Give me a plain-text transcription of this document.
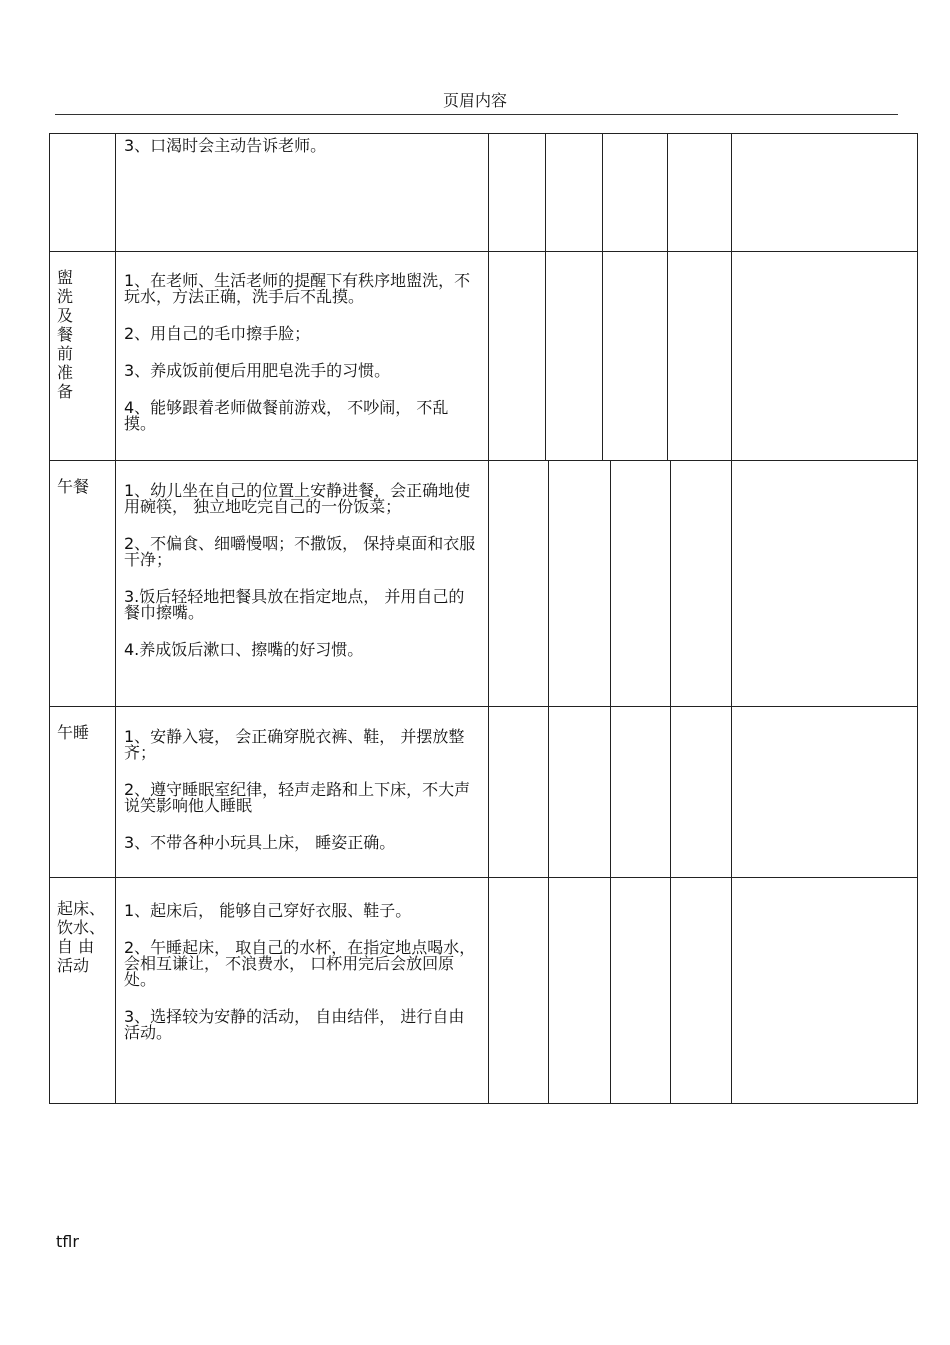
页眉内容

3、口渴时会主动告诉老师。

盥 洗 及 餐 前 准 备

1、在老师、生活老师的提醒下有秩序地盥洗，不玩水，方法正确，洗手后不乱摸。

2、用自己的毛巾擦手脸；

3、养成饭前便后用肥皂洗手的习惯。

4、能够跟着老师做餐前游戏， 不吵闹， 不乱摸。

午餐	1、幼儿坐在自己的位置上安静进餐，会正确地使用碗筷， 独立地吃完自己的一份饭菜；

2、不偏食、细嚼慢咽；不撒饭， 保持桌面和衣服干净；

3.饭后轻轻地把餐具放在指定地点， 并用自己的餐巾擦嘴。

4.养成饭后漱口、擦嘴的好习惯。

午睡	1、安静入寝， 会正确穿脱衣裤、鞋， 并摆放整齐；

2、遵守睡眠室纪律，轻声走路和上下床，不大声说笑影响他人睡眠

3、不带各种小玩具上床， 睡姿正确。

起床、饮水、自 由 活动

1、起床后， 能够自己穿好衣服、鞋子。

2、午睡起床， 取自己的水杯，在指定地点喝水，会相互谦让， 不浪费水， 口杯用完后会放回原处。

3、选择较为安静的活动， 自由结伴， 进行自由活动。

tflr
